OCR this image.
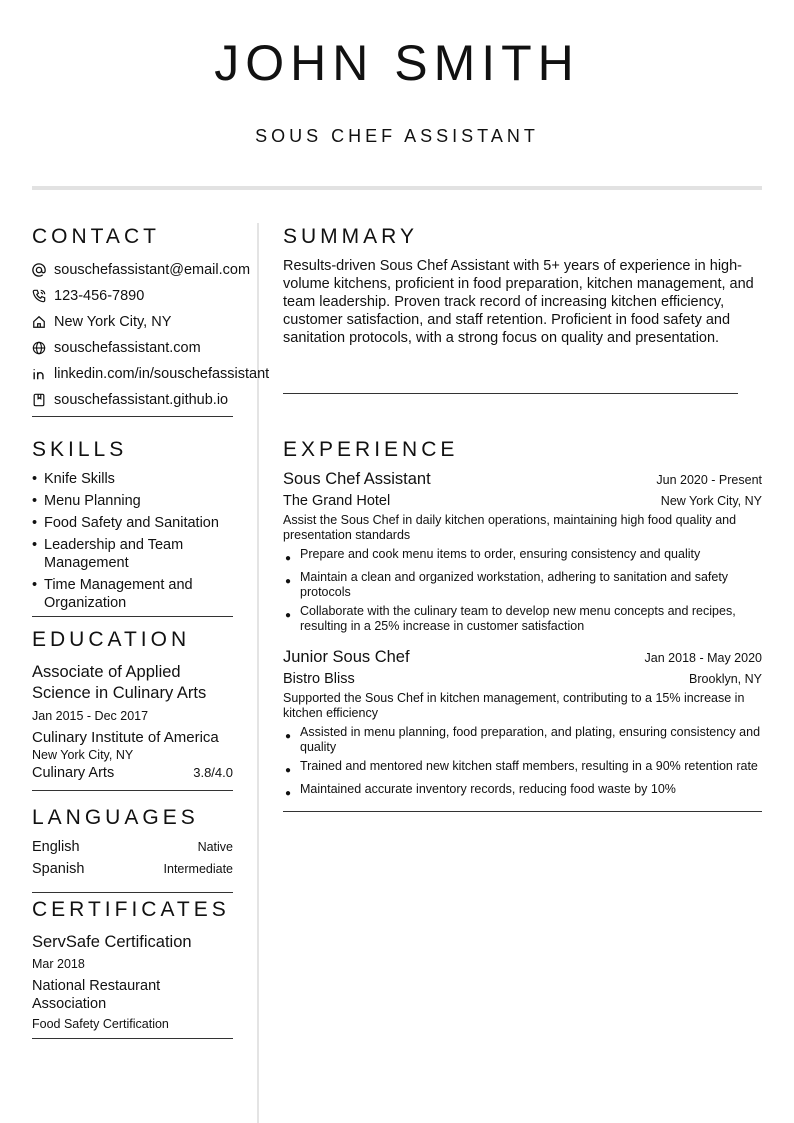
JOHN SMITH
SOUS CHEF ASSISTANT
CONTACT
souschefassistant@email.com
123-456-7890
New York City, NY
souschefassistant.com
linkedin.com/in/souschefassistant
souschefassistant.github.io
SKILLS
• Knife Skills
• Menu Planning
• Food Safety and Sanitation
• Leadership and Team Management
• Time Management and Organization
EDUCATION
Associate of Applied Science in Culinary Arts
Jan 2015 - Dec 2017
Culinary Institute of America
New York City, NY
Culinary Arts	3.8/4.0
LANGUAGES
English	Native
Spanish	Intermediate
CERTIFICATES
ServSafe Certification
Mar 2018
National Restaurant Association
Food Safety Certification
SUMMARY

Results-driven Sous Chef Assistant with 5+ years of experience in high-volume kitchens, proficient in food preparation, kitchen management, and team leadership. Proven track record of increasing kitchen efficiency, customer satisfaction, and staff retention. Proficient in food safety and sanitation protocols, with a strong focus on quality and presentation.

EXPERIENCE
Sous Chef Assistant	Jun 2020 - Present
The Grand Hotel	New York City, NY
Assist the Sous Chef in daily kitchen operations, maintaining high food quality and presentation standards
● Prepare and cook menu items to order, ensuring consistency and quality
● Maintain a clean and organized workstation, adhering to sanitation and safety protocols
● Collaborate with the culinary team to develop new menu concepts and recipes, resulting in a 25% increase in customer satisfaction
Junior Sous Chef	Jan 2018 - May 2020
Bistro Bliss	Brooklyn, NY
Supported the Sous Chef in kitchen management, contributing to a 15% increase in kitchen efficiency
● Assisted in menu planning, food preparation, and plating, ensuring consistency and quality
● Trained and mentored new kitchen staff members, resulting in a 90% retention rate
● Maintained accurate inventory records, reducing food waste by 10%
